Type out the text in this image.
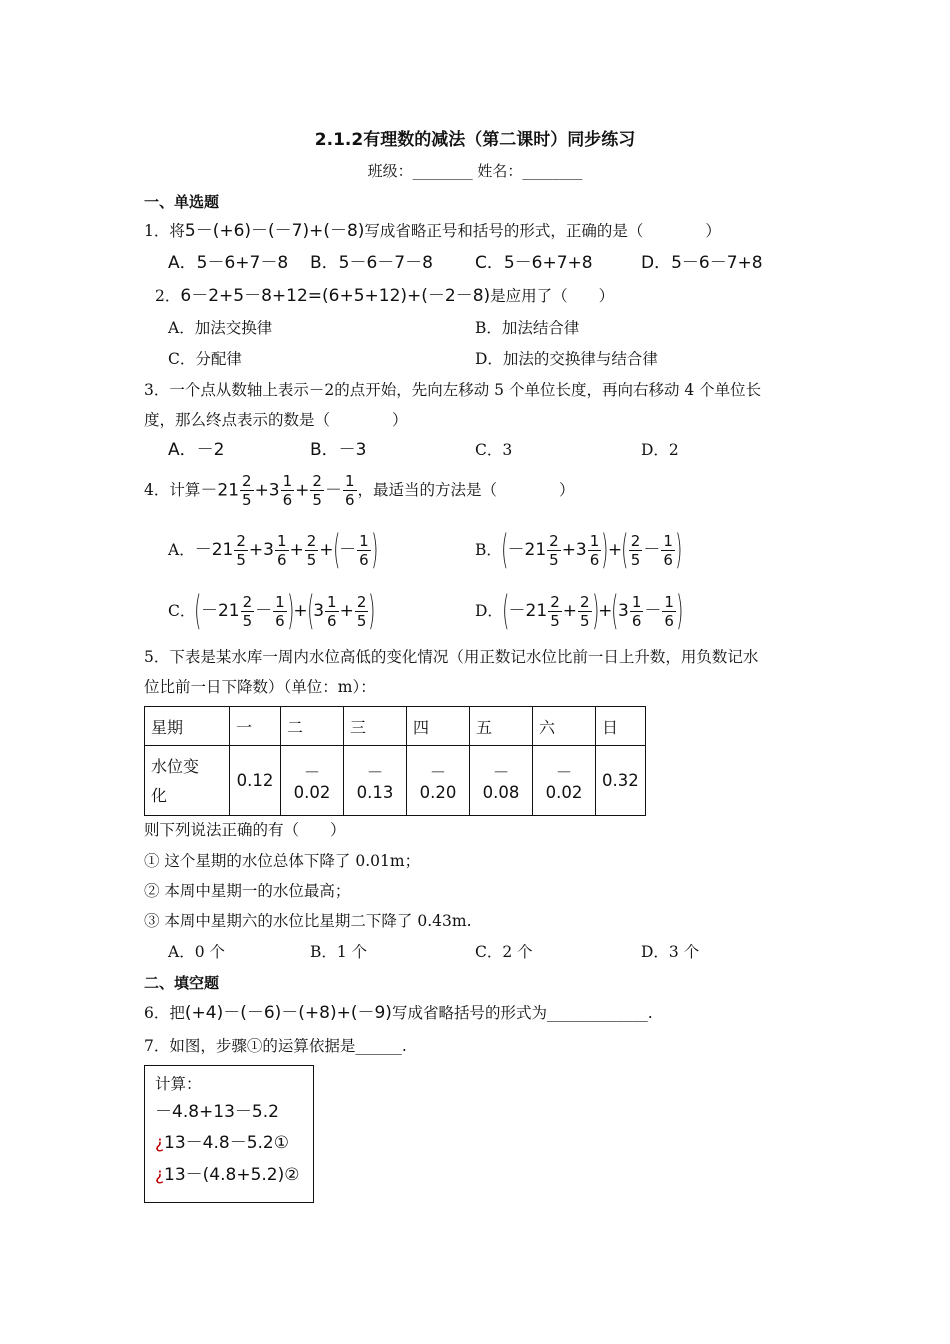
2.1.2有理数的减法（第二课时）同步练习
班级：________ 姓名：________
一、单选题
1．将5－(+6)－(－7)+(－8)写成省略正号和括号的形式，正确的是（　　　　）
A．5－6+7－8 B．5－6－7－8 C．5－6+7+8	D．5－6－7+8
2．6－2+5－8+12=(6+5+12)+(－2－8)是应用了（　　）
A．加法交换律	B．加法结合律
C．分配律	D．加法的交换律与结合律
3．一个点从数轴上表示－2的点开始，先向左移动 5 个单位长度，再向右移动 4 个单位长
度，那么终点表示的数是（　　　　）
A．－2	B．－3	C．3	D．2
4．计算 $-21 \frac{2}{5} +3 \frac{1}{6} + \frac{2}{5} - \frac{1}{6}$ ，最适当的方法是（　　　　）
A． $-21 \frac{2}{5} +3 \frac{1}{6} + \frac{2}{5}$ +(－ $\frac{1}{6}$ )	B． ($-21 \frac{2}{5} +3 \frac{1}{6}$ )+( $\frac{2}{5} - \frac{1}{6}$ )
C． $(-21 \frac{2}{5} - \frac{1}{6} )+(3 \frac{1}{6} + \frac{2}{5}$ )	D． $(-21 \frac{2}{5} + \frac{2}{5} )+(3 \frac{1}{6} - \frac{1}{6}$ )
5．下表是某水库一周内水位高低的变化情况（用正数记水位比前一日上升数，用负数记水
位比前一日下降数）（单位：m）：
星期	一	二	三	四	五	六	日
水位变
化	0.12	－0.02	－0.13	－0.20	－0.08	－0.02	0.32
则下列说法正确的有（　　）
① 这个星期的水位总体下降了 0.01m；
② 本周中星期一的水位最高；
③ 本周中星期六的水位比星期二下降了 0.43m.
A．0 个	B．1 个	C．2 个	D．3 个
二、填空题
6．把(+4)－(－6)－(+8)+(－9)写成省略括号的形式为_____________.
7．如图，步骤①的运算依据是______.
计算：
－4.8+13－5.2
¿13－4.8－5.2①
¿13－(4.8+5.2)②
